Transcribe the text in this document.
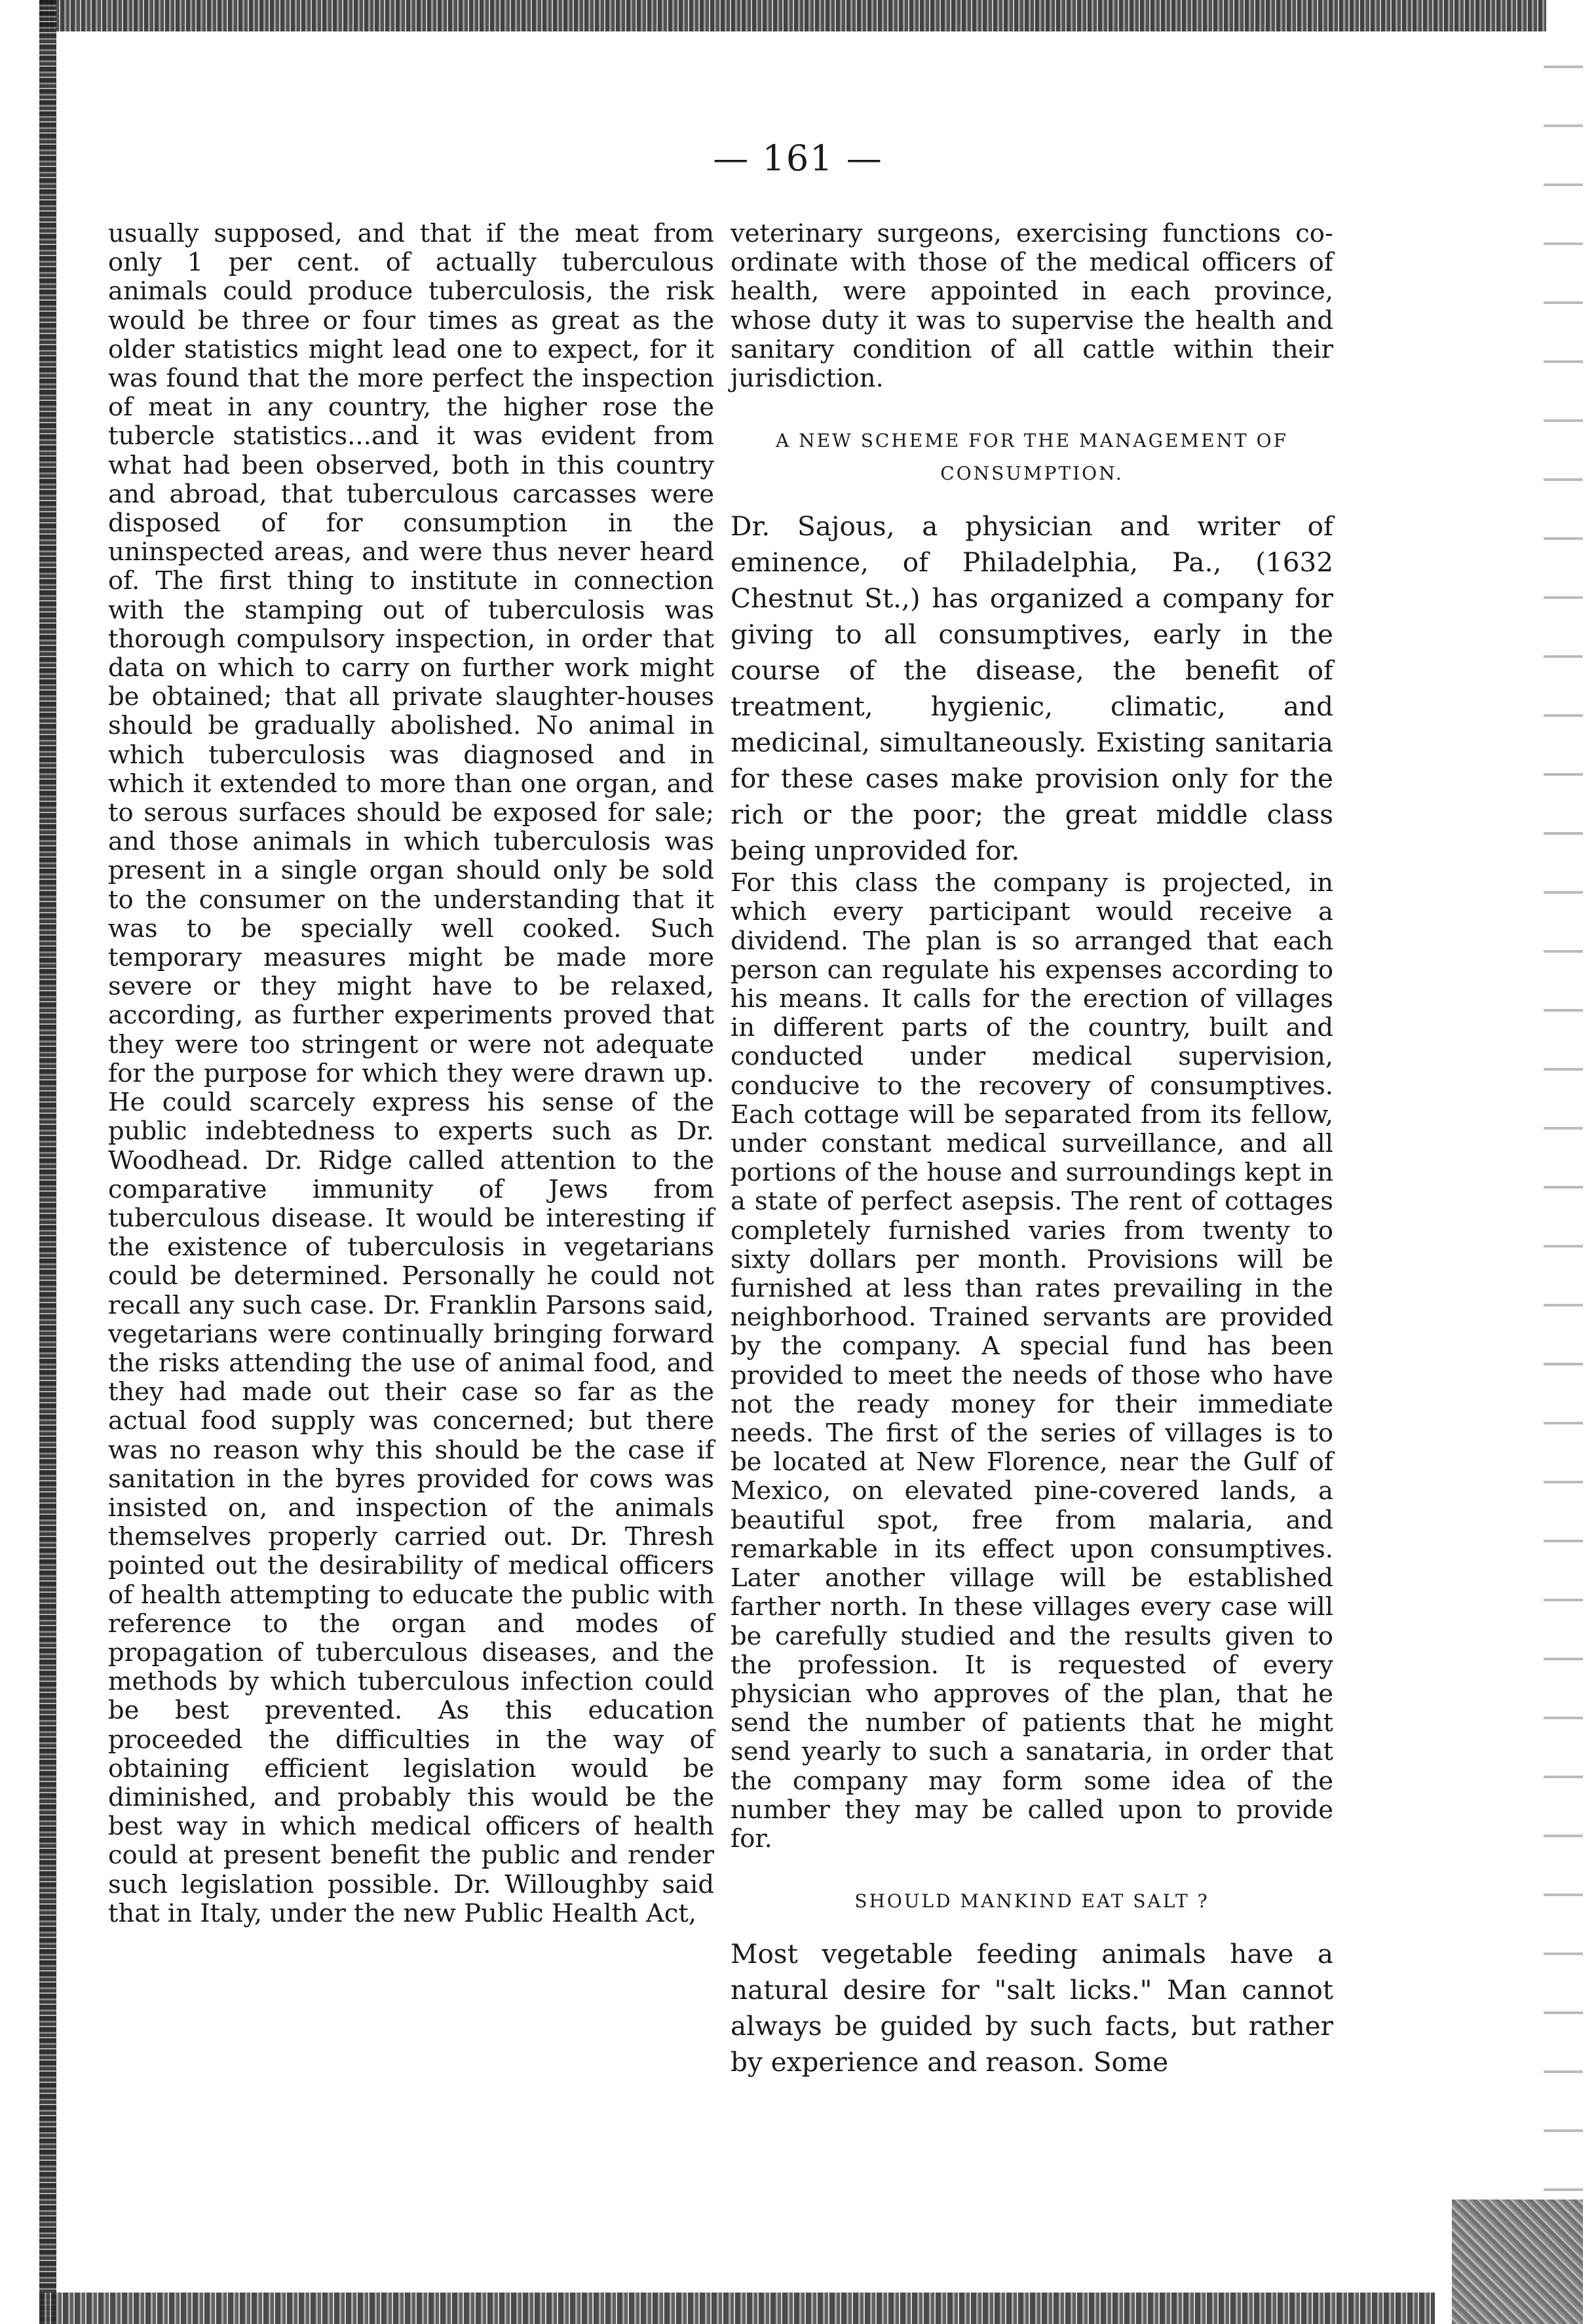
— 161 —

usually supposed, and that if the meat from only 1 per cent. of actually tuberculous animals could produce tuberculosis, the risk would be three or four times as great as the older statistics might lead one to expect, for it was found that the more perfect the inspection of meat in any country, the higher rose the tubercle statistics...and it was evident from what had been observed, both in this country and abroad, that tuberculous carcasses were disposed of for consumption in the uninspected areas, and were thus never heard of. The first thing to institute in connection with the stamping out of tuberculosis was thorough compulsory inspection, in order that data on which to carry on further work might be obtained; that all private slaughter-houses should be gradually abolished. No animal in which tuberculosis was diagnosed and in which it extended to more than one organ, and to serous surfaces should be exposed for sale; and those animals in which tuberculosis was present in a single organ should only be sold to the consumer on the understanding that it was to be specially well cooked. Such temporary measures might be made more severe or they might have to be relaxed, according, as further experiments proved that they were too stringent or were not adequate for the purpose for which they were drawn up. He could scarcely express his sense of the public indebtedness to experts such as Dr. Woodhead. Dr. Ridge called attention to the comparative immunity of Jews from tuberculous disease. It would be interesting if the existence of tuberculosis in vegetarians could be determined. Personally he could not recall any such case. Dr. Franklin Parsons said, vegetarians were continually bringing forward the risks attending the use of animal food, and they had made out their case so far as the actual food supply was concerned; but there was no reason why this should be the case if sanitation in the byres provided for cows was insisted on, and inspection of the animals themselves properly carried out. Dr. Thresh pointed out the desirability of medical officers of health attempting to educate the public with reference to the organ and modes of propagation of tuberculous diseases, and the methods by which tuberculous infection could be best prevented. As this education proceeded the difficulties in the way of obtaining efficient legislation would be diminished, and probably this would be the best way in which medical officers of health could at present benefit the public and render such legislation possible. Dr. Willoughby said that in Italy, under the new Public Health Act,

veterinary surgeons, exercising functions co-ordinate with those of the medical officers of health, were appointed in each province, whose duty it was to supervise the health and sanitary condition of all cattle within their jurisdiction.

A NEW SCHEME FOR THE MANAGEMENT OF
CONSUMPTION.

Dr. Sajous, a physician and writer of eminence, of Philadelphia, Pa., (1632 Chestnut St.,) has organized a company for giving to all consumptives, early in the course of the disease, the benefit of treatment, hygienic, climatic, and medicinal, simultaneously. Existing sanitaria for these cases make provision only for the rich or the poor; the great middle class being unprovided for.

For this class the company is projected, in which every participant would receive a dividend. The plan is so arranged that each person can regulate his expenses according to his means. It calls for the erection of villages in different parts of the country, built and conducted under medical supervision, conducive to the recovery of consumptives. Each cottage will be separated from its fellow, under constant medical surveillance, and all portions of the house and surroundings kept in a state of perfect asepsis. The rent of cottages completely furnished varies from twenty to sixty dollars per month. Provisions will be furnished at less than rates prevailing in the neighborhood. Trained servants are provided by the company. A special fund has been provided to meet the needs of those who have not the ready money for their immediate needs. The first of the series of villages is to be located at New Florence, near the Gulf of Mexico, on elevated pine-covered lands, a beautiful spot, free from malaria, and remarkable in its effect upon consumptives. Later another village will be established farther north. In these villages every case will be carefully studied and the results given to the profession. It is requested of every physician who approves of the plan, that he send the number of patients that he might send yearly to such a sanataria, in order that the company may form some idea of the number they may be called upon to provide for.

SHOULD MANKIND EAT SALT ?

Most vegetable feeding animals have a natural desire for "salt licks." Man cannot always be guided by such facts, but rather by experience and reason. Some
